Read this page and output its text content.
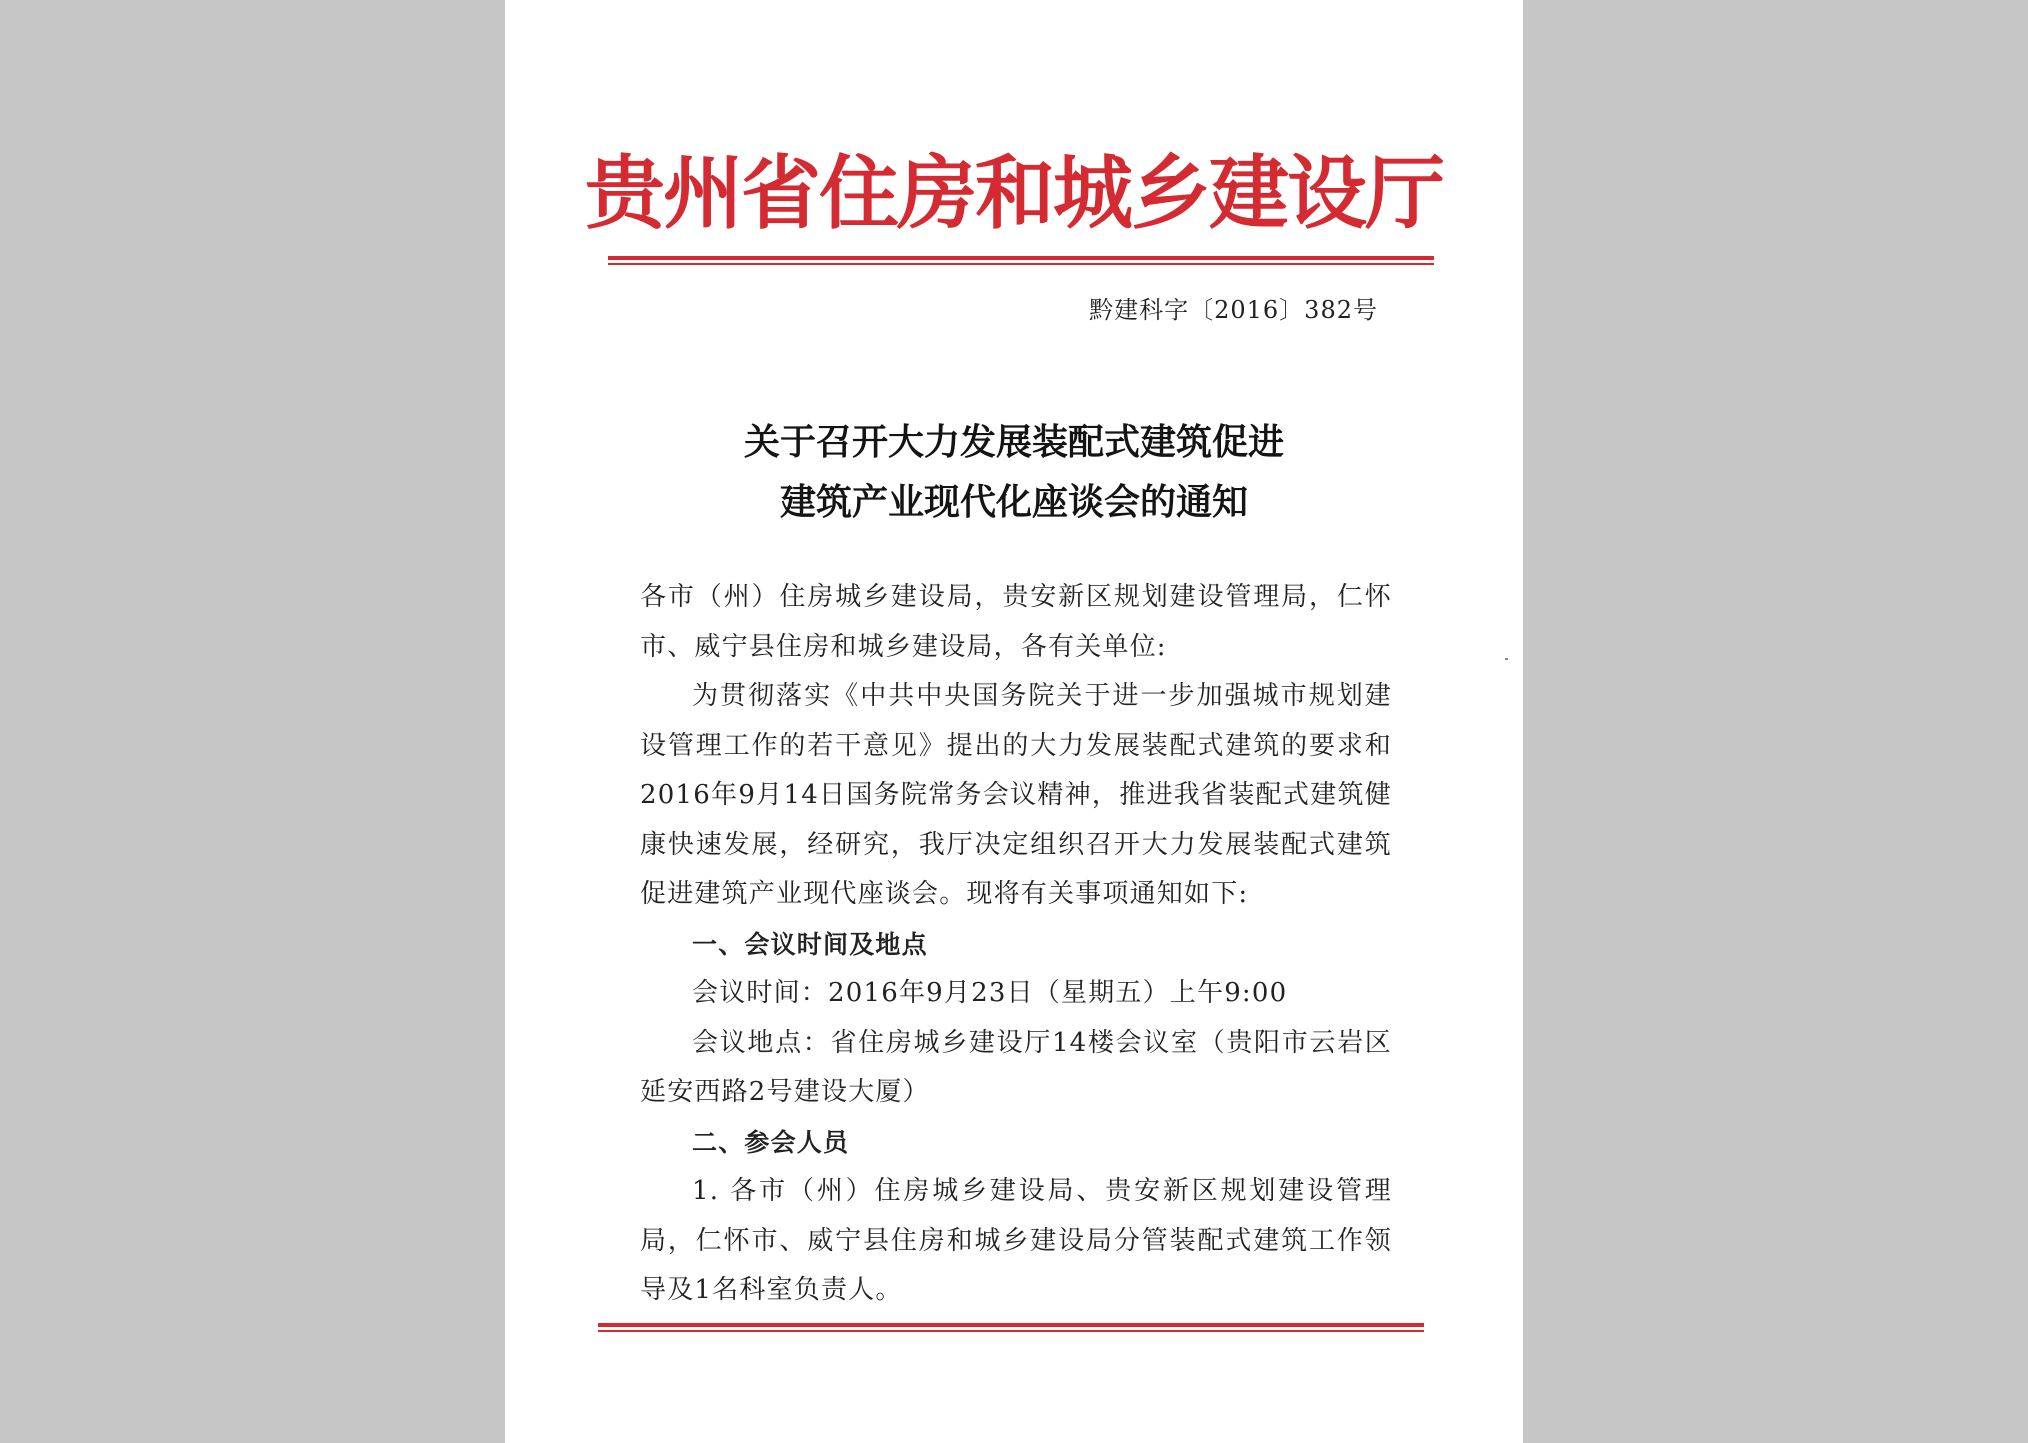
贵州省住房和城乡建设厅
黔建科字〔2016〕382号
关于召开大力发展装配式建筑促进
建筑产业现代化座谈会的通知

各市（州）住房城乡建设局，贵安新区规划建设管理局，仁怀市、威宁县住房和城乡建设局，各有关单位:

为贯彻落实《中共中央国务院关于进一步加强城市规划建设管理工作的若干意见》提出的大力发展装配式建筑的要求和2016年9月14日国务院常务会议精神，推进我省装配式建筑健康快速发展，经研究，我厅决定组织召开大力发展装配式建筑促进建筑产业现代座谈会。现将有关事项通知如下:

一、会议时间及地点

会议时间：2016年9月23日（星期五）上午9:00

会议地点：省住房城乡建设厅14楼会议室（贵阳市云岩区延安西路2号建设大厦）

二、参会人员

1. 各市（州）住房城乡建设局、贵安新区规划建设管理局，仁怀市、威宁县住房和城乡建设局分管装配式建筑工作领导及1名科室负责人。
